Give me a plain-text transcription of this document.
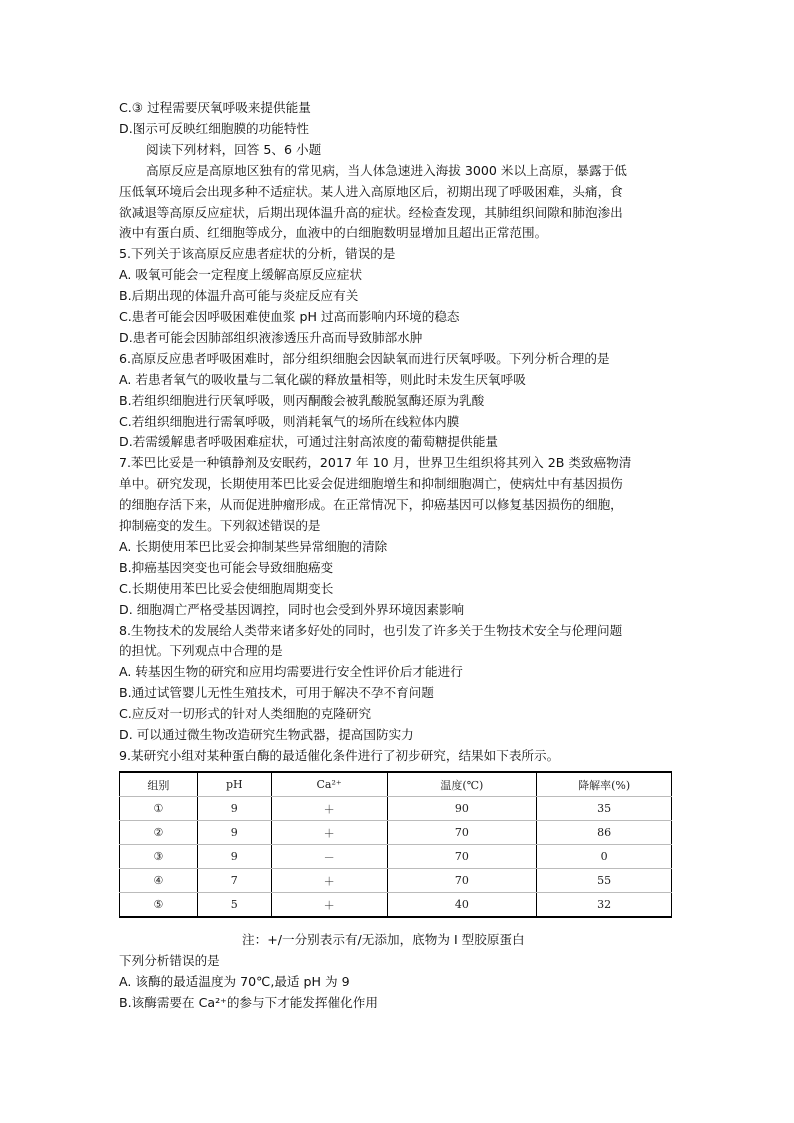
C.③ 过程需要厌氧呼吸来提供能量
D.图示可反映红细胞膜的功能特性
阅读下列材料，回答 5、6 小题
高原反应是高原地区独有的常见病，当人体急速进入海拔 3000 米以上高原，暴露于低
压低氧环境后会出现多种不适症状。某人进入高原地区后，初期出现了呼吸困难，头痛，食
欲减退等高原反应症状，后期出现体温升高的症状。经检查发现，其肺组织间隙和肺泡渗出
液中有蛋白质、红细胞等成分，血液中的白细胞数明显增加且超出正常范围。
5.下列关于该高原反应患者症状的分析，错误的是
A. 吸氧可能会一定程度上缓解高原反应症状
B.后期出现的体温升高可能与炎症反应有关
C.患者可能会因呼吸困难使血浆 pH 过高而影响内环境的稳态
D.患者可能会因肺部组织液渗透压升高而导致肺部水肿
6.高原反应患者呼吸困难时，部分组织细胞会因缺氧而进行厌氧呼吸。下列分析合理的是
A. 若患者氧气的吸收量与二氧化碳的释放量相等，则此时未发生厌氧呼吸
B.若组织细胞进行厌氧呼吸，则丙酮酸会被乳酸脱氢酶还原为乳酸
C.若组织细胞进行需氧呼吸，则消耗氧气的场所在线粒体内膜
D.若需缓解患者呼吸困难症状，可通过注射高浓度的葡萄糖提供能量
7.苯巴比妥是一种镇静剂及安眠药，2017 年 10 月，世界卫生组织将其列入 2B 类致癌物清
单中。研究发现，长期使用苯巴比妥会促进细胞增生和抑制细胞凋亡，使病灶中有基因损伤
的细胞存活下来，从而促进肿瘤形成。在正常情况下，抑癌基因可以修复基因损伤的细胞，
抑制癌变的发生。下列叙述错误的是
A. 长期使用苯巴比妥会抑制某些异常细胞的清除
B.抑癌基因突变也可能会导致细胞癌变
C.长期使用苯巴比妥会使细胞周期变长
D. 细胞凋亡严格受基因调控，同时也会受到外界环境因素影响
8.生物技术的发展给人类带来诸多好处的同时，也引发了许多关于生物技术安全与伦理问题
的担忧。下列观点中合理的是
A. 转基因生物的研究和应用均需要进行安全性评价后才能进行
B.通过试管婴儿无性生殖技术，可用于解决不孕不育问题
C.应反对一切形式的针对人类细胞的克隆研究
D. 可以通过微生物改造研究生物武器，提高国防实力
9.某研究小组对某种蛋白酶的最适催化条件进行了初步研究，结果如下表所示。
组别	pH	Ca²⁺	温度(℃)	降解率(%)
①	9	＋	90	35
②	9	＋	70	86
③	9	－	70	0
④	7	＋	70	55
⑤	5	＋	40	32
注：+/一分别表示有/无添加，底物为 I 型胶原蛋白
下列分析错误的是
A. 该酶的最适温度为 70℃,最适 pH 为 9
B.该酶需要在 Ca²⁺的参与下才能发挥催化作用
